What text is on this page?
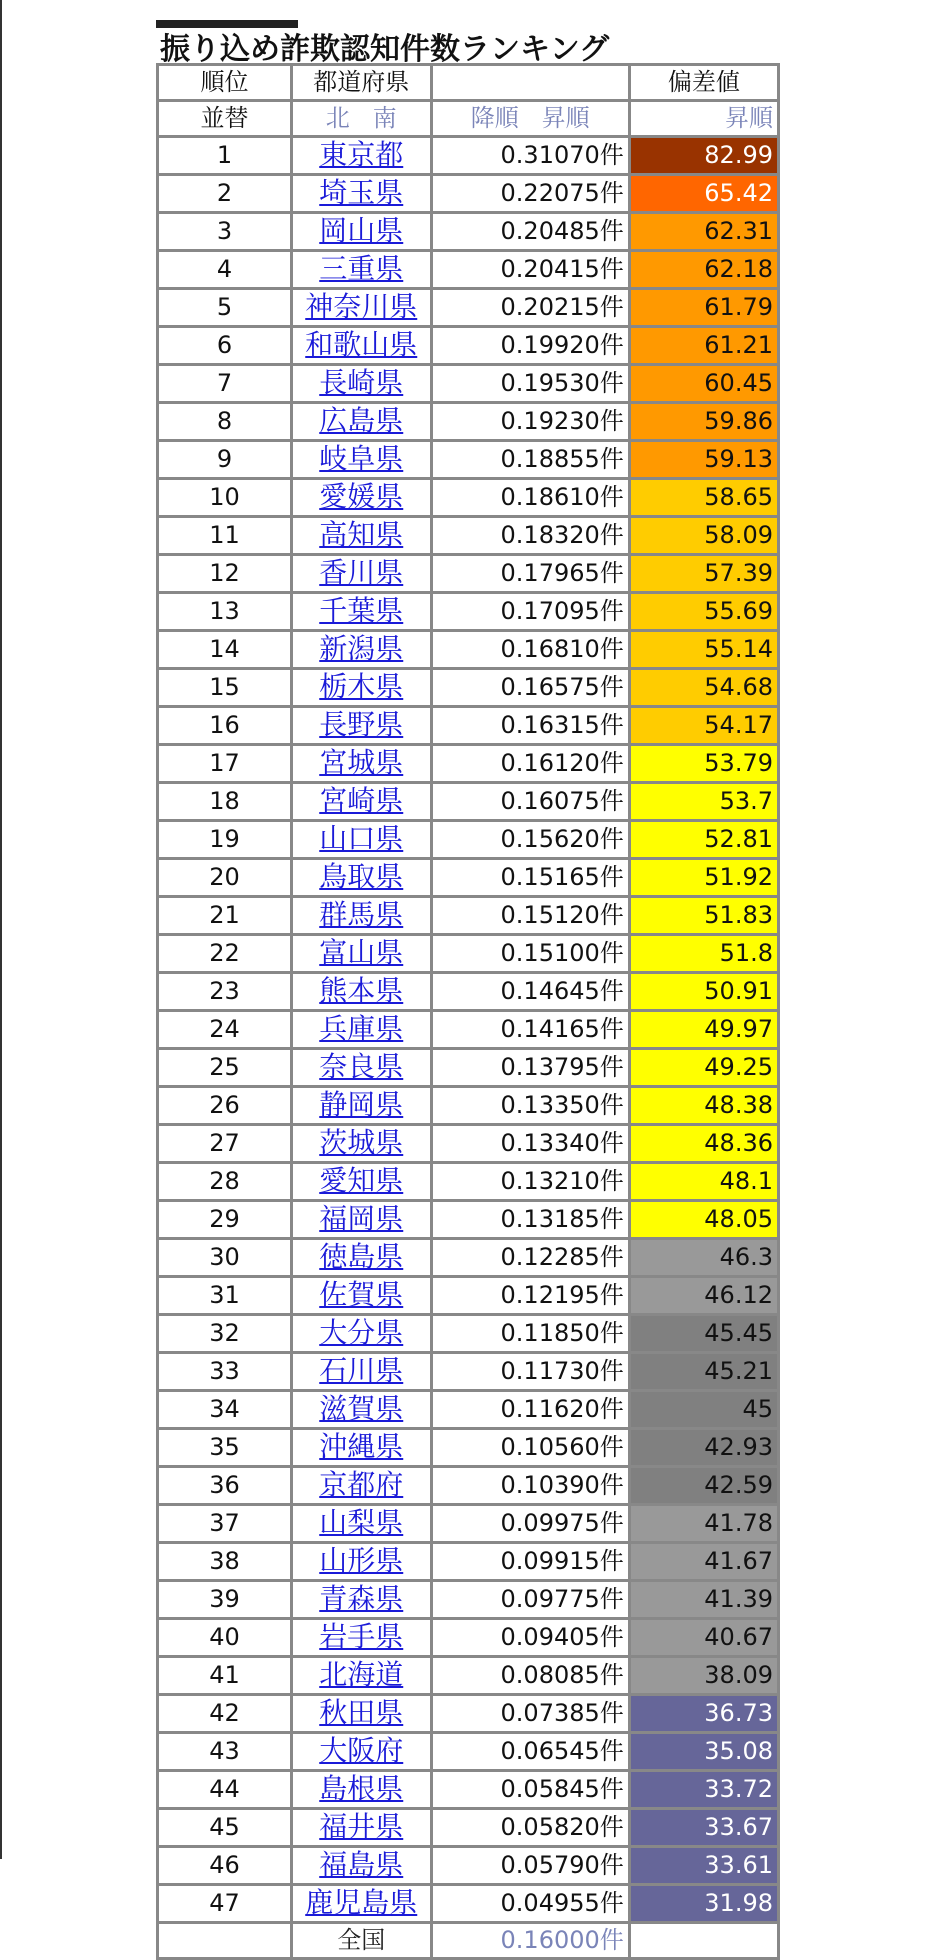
振り込め詐欺認知件数ランキング
順位	都道府県		偏差値
並替	北 南	降順 昇順	昇順
1	東京都	0.31070件	82.99
2	埼玉県	0.22075件	65.42
3	岡山県	0.20485件	62.31
4	三重県	0.20415件	62.18
5	神奈川県	0.20215件	61.79
6	和歌山県	0.19920件	61.21
7	長崎県	0.19530件	60.45
8	広島県	0.19230件	59.86
9	岐阜県	0.18855件	59.13
10	愛媛県	0.18610件	58.65
11	高知県	0.18320件	58.09
12	香川県	0.17965件	57.39
13	千葉県	0.17095件	55.69
14	新潟県	0.16810件	55.14
15	栃木県	0.16575件	54.68
16	長野県	0.16315件	54.17
17	宮城県	0.16120件	53.79
18	宮崎県	0.16075件	53.7
19	山口県	0.15620件	52.81
20	鳥取県	0.15165件	51.92
21	群馬県	0.15120件	51.83
22	富山県	0.15100件	51.8
23	熊本県	0.14645件	50.91
24	兵庫県	0.14165件	49.97
25	奈良県	0.13795件	49.25
26	静岡県	0.13350件	48.38
27	茨城県	0.13340件	48.36
28	愛知県	0.13210件	48.1
29	福岡県	0.13185件	48.05
30	徳島県	0.12285件	46.3
31	佐賀県	0.12195件	46.12
32	大分県	0.11850件	45.45
33	石川県	0.11730件	45.21
34	滋賀県	0.11620件	45
35	沖縄県	0.10560件	42.93
36	京都府	0.10390件	42.59
37	山梨県	0.09975件	41.78
38	山形県	0.09915件	41.67
39	青森県	0.09775件	41.39
40	岩手県	0.09405件	40.67
41	北海道	0.08085件	38.09
42	秋田県	0.07385件	36.73
43	大阪府	0.06545件	35.08
44	島根県	0.05845件	33.72
45	福井県	0.05820件	33.67
46	福島県	0.05790件	33.61
47	鹿児島県	0.04955件	31.98
	全国	0.16000件	
